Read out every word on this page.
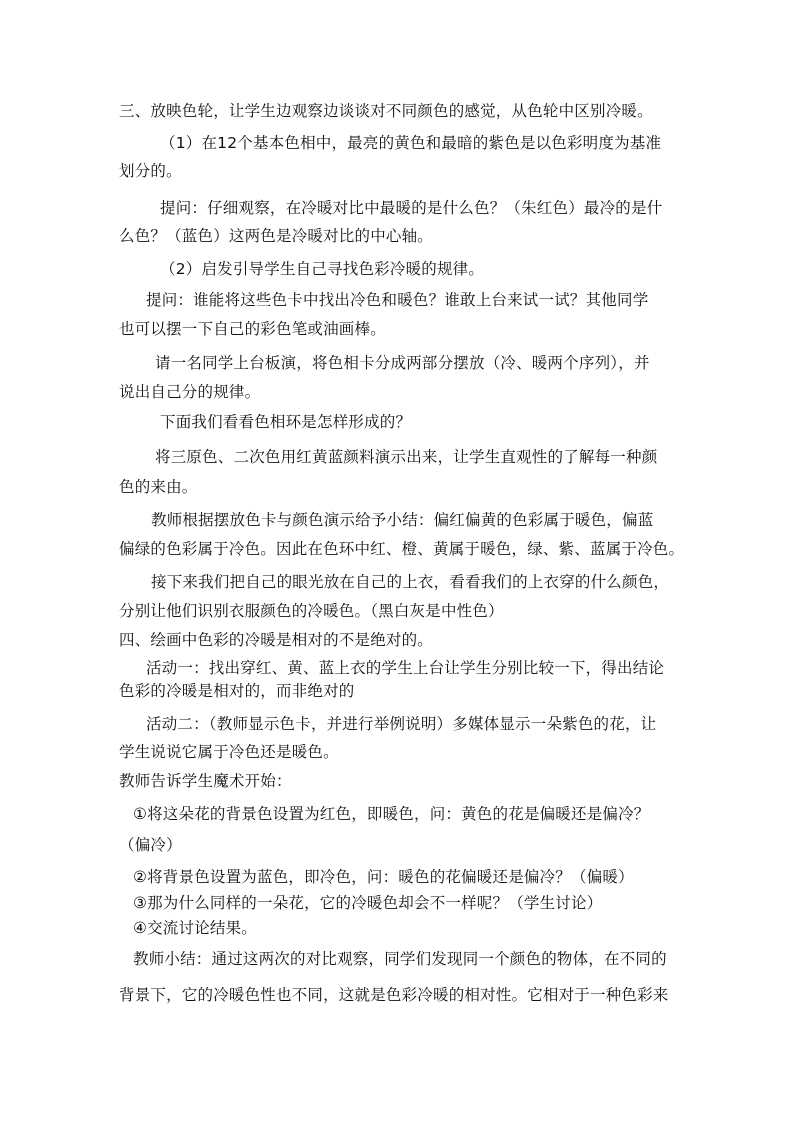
三、放映色轮，让学生边观察边谈谈对不同颜色的感觉，从色轮中区别冷暖。
（1）在12个基本色相中，最亮的黄色和最暗的紫色是以色彩明度为基准
划分的。
提问：仔细观察，在冷暖对比中最暖的是什么色？（朱红色）最冷的是什
么色？（蓝色）这两色是冷暖对比的中心轴。
（2）启发引导学生自己寻找色彩冷暖的规律。
提问：谁能将这些色卡中找出冷色和暖色？谁敢上台来试一试？其他同学
也可以摆一下自己的彩色笔或油画棒。
请一名同学上台板演，将色相卡分成两部分摆放（冷、暖两个序列），并
说出自己分的规律。
下面我们看看色相环是怎样形成的？
将三原色、二次色用红黄蓝颜料演示出来，让学生直观性的了解每一种颜
色的来由。
教师根据摆放色卡与颜色演示给予小结：偏红偏黄的色彩属于暖色，偏蓝
偏绿的色彩属于冷色。因此在色环中红、橙、黄属于暖色，绿、紫、蓝属于冷色。
接下来我们把自己的眼光放在自己的上衣，看看我们的上衣穿的什么颜色，
分别让他们识别衣服颜色的冷暖色。（黑白灰是中性色）
四、绘画中色彩的冷暖是相对的不是绝对的。
活动一：找出穿红、黄、蓝上衣的学生上台让学生分别比较一下，得出结论
色彩的冷暖是相对的，而非绝对的
活动二：（教师显示色卡，并进行举例说明）多媒体显示一朵紫色的花，让
学生说说它属于冷色还是暖色。
教师告诉学生魔术开始：
①将这朵花的背景色设置为红色，即暖色，问：黄色的花是偏暖还是偏冷？
（偏冷）
②将背景色设置为蓝色，即冷色，问：暖色的花偏暖还是偏冷？（偏暖）
③那为什么同样的一朵花，它的冷暖色却会不一样呢？（学生讨论）
④交流讨论结果。
教师小结：通过这两次的对比观察，同学们发现同一个颜色的物体，在不同的
背景下，它的冷暖色性也不同，这就是色彩冷暖的相对性。它相对于一种色彩来
